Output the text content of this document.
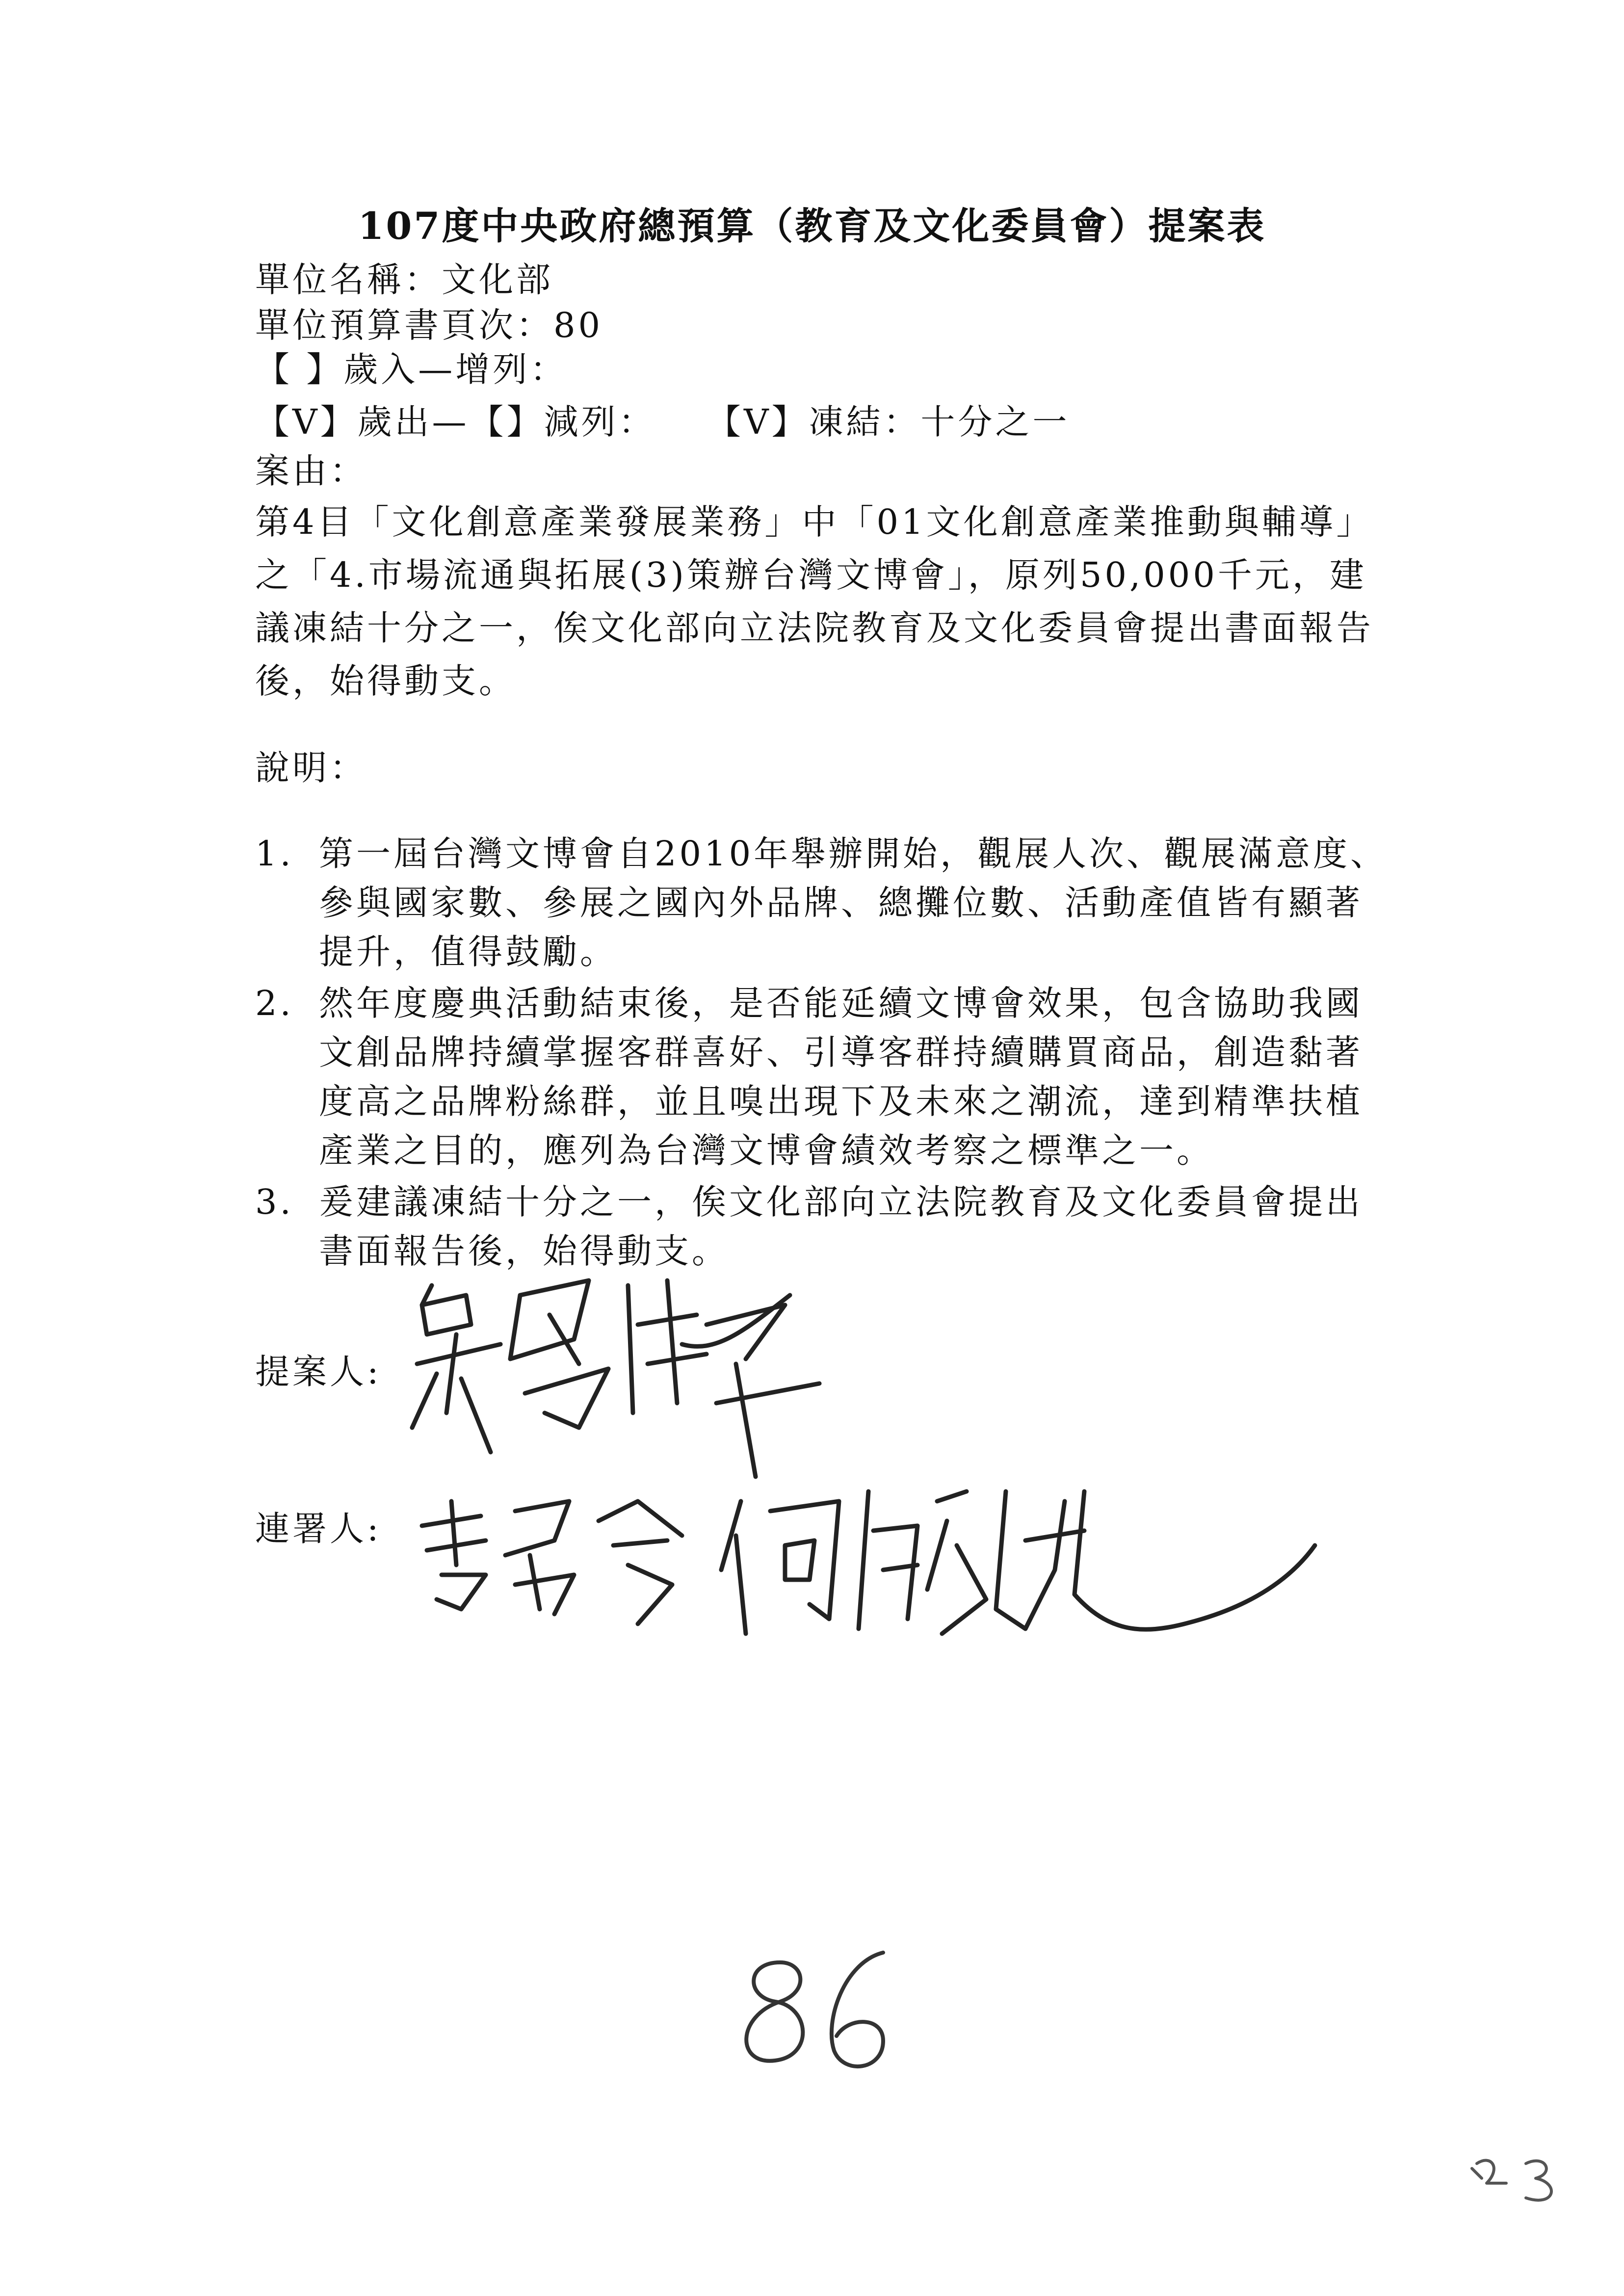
107度中央政府總預算（教育及文化委員會）提案表
單位名稱：文化部
單位預算書頁次：80
【 】歲入—增列：
【V】歲出—【】減列： 【V】凍結：十分之一
案由：
第4目「文化創意產業發展業務」中「01文化創意產業推動與輔導」之「4.市場流通與拓展(3)策辦台灣文博會」，原列50,000千元，建議凍結十分之一，俟文化部向立法院教育及文化委員會提出書面報告後，始得動支。
說明：
1. 第一屆台灣文博會自2010年舉辦開始，觀展人次、觀展滿意度、參與國家數、參展之國內外品牌、總攤位數、活動產值皆有顯著提升，值得鼓勵。
2. 然年度慶典活動結束後，是否能延續文博會效果，包含協助我國文創品牌持續掌握客群喜好、引導客群持續購買商品，創造黏著度高之品牌粉絲群，並且嗅出現下及未來之潮流，達到精準扶植產業之目的，應列為台灣文博會績效考察之標準之一。
3. 爰建議凍結十分之一，俟文化部向立法院教育及文化委員會提出書面報告後，始得動支。
提案人:
連署人:
